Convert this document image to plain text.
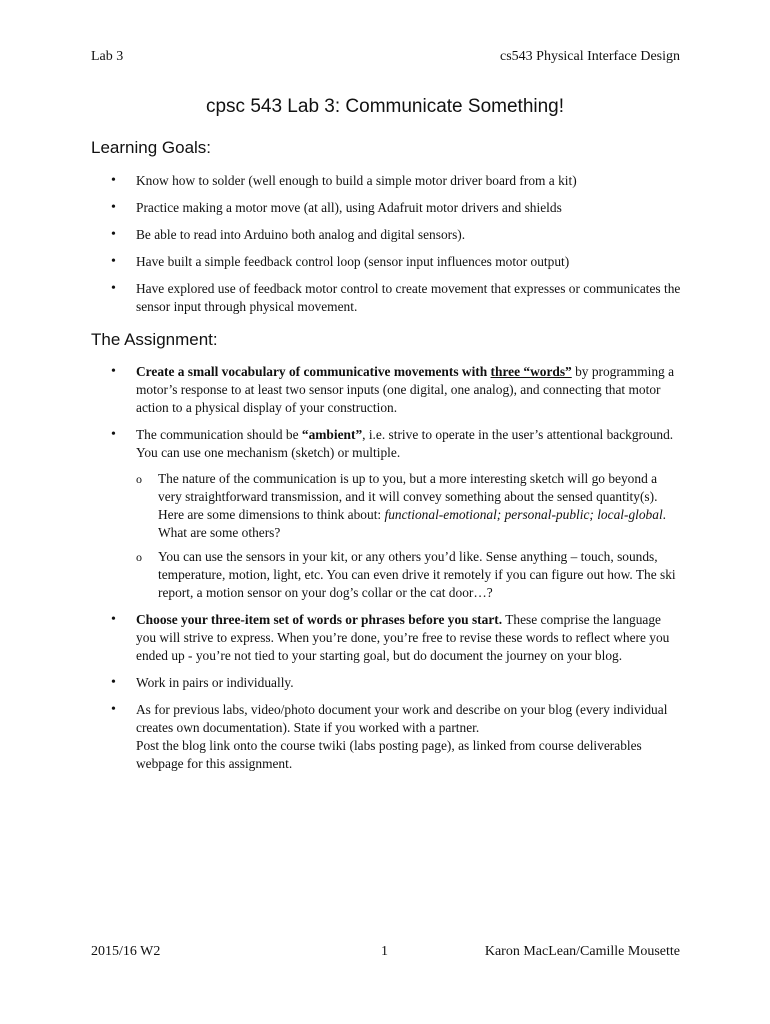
Lab 3	cs543 Physical Interface Design
cpsc 543 Lab 3: Communicate Something!
Learning Goals:
• Know how to solder (well enough to build a simple motor driver board from a kit)
• Practice making a motor move (at all), using Adafruit motor drivers and shields
• Be able to read into Arduino both analog and digital sensors).
• Have built a simple feedback control loop (sensor input influences motor output)
• Have explored use of feedback motor control to create movement that expresses or communicates the sensor input through physical movement.
The Assignment:
• Create a small vocabulary of communicative movements with three “words” by programming a motor’s response to at least two sensor inputs (one digital, one analog), and connecting that motor action to a physical display of your construction.
• The communication should be “ambient”, i.e. strive to operate in the user’s attentional background. You can use one mechanism (sketch) or multiple.
o The nature of the communication is up to you, but a more interesting sketch will go beyond a very straightforward transmission, and it will convey something about the sensed quantity(s). Here are some dimensions to think about: functional-emotional; personal-public; local-global. What are some others?
o You can use the sensors in your kit, or any others you’d like. Sense anything – touch, sounds, temperature, motion, light, etc. You can even drive it remotely if you can figure out how. The ski report, a motion sensor on your dog’s collar or the cat door…?
• Choose your three-item set of words or phrases before you start. These comprise the language you will strive to express. When you’re done, you’re free to revise these words to reflect where you ended up - you’re not tied to your starting goal, but do document the journey on your blog.
• Work in pairs or individually.
• As for previous labs, video/photo document your work and describe on your blog (every individual creates own documentation). State if you worked with a partner.
Post the blog link onto the course twiki (labs posting page), as linked from course deliverables webpage for this assignment.
2015/16 W2	1	Karon MacLean/Camille Mousette
